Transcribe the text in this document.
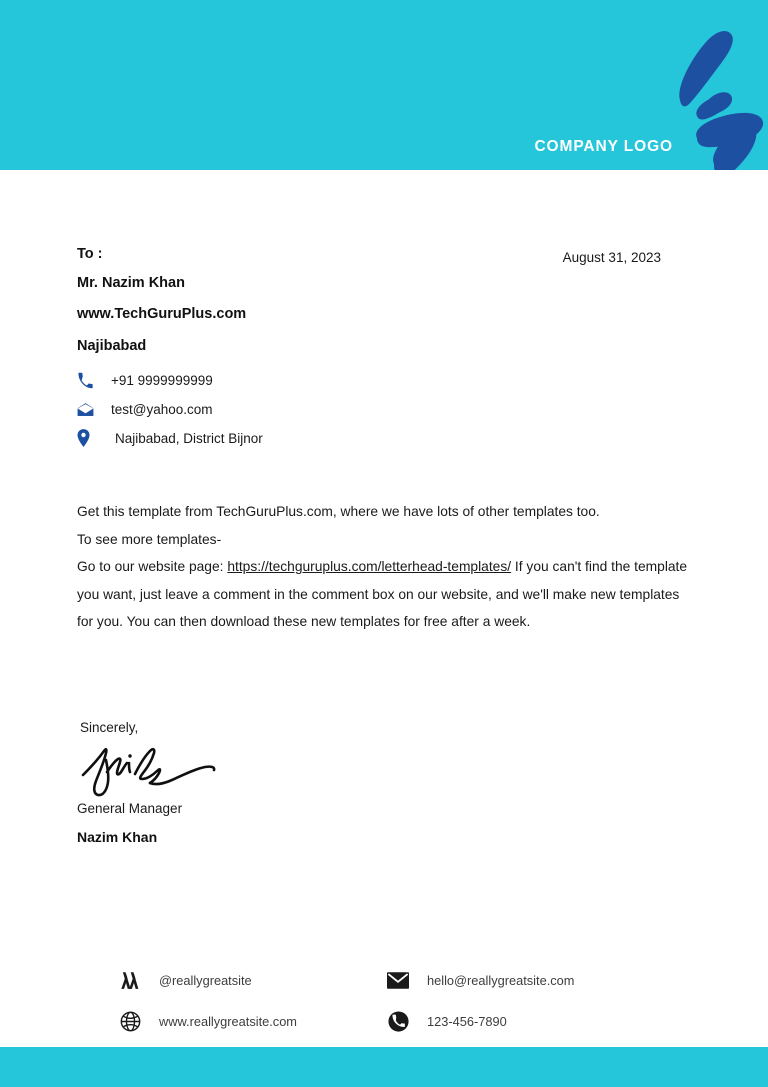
COMPANY LOGO
August 31, 2023
To :
Mr. Nazim Khan
www.TechGuruPlus.com
Najibabad
+91 9999999999
test@yahoo.com
Najibabad, District Bijnor
Get this template from TechGuruPlus.com, where we have lots of other templates too.
To see more templates-
Go to our website page: https://techguruplus.com/letterhead-templates/ If you can't find the template you want, just leave a comment in the comment box on our website, and we'll make new templates for you. You can then download these new templates for free after a week.
Sincerely,
General Manager
Nazim Khan
@reallygreatsite	hello@reallygreatsite.com
www.reallygreatsite.com	123-456-7890
